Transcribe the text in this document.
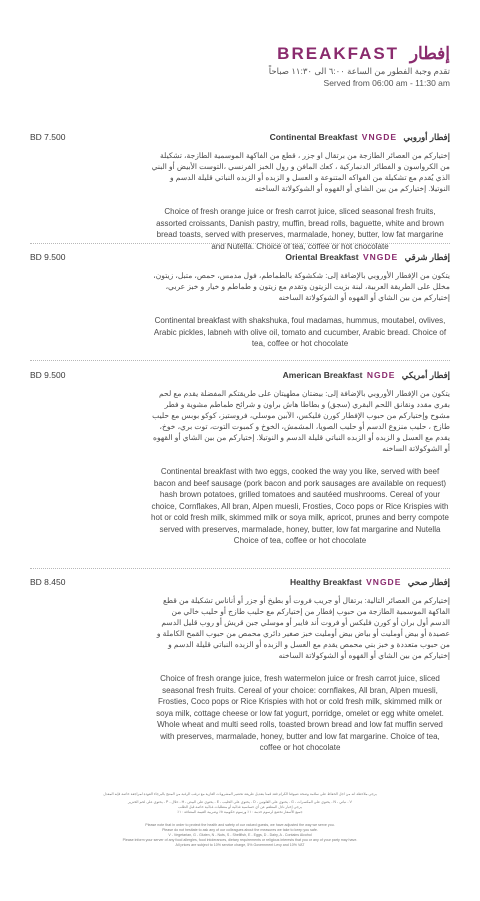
BREAKFAST إفطار
تقدم وجبة الفطور من الساعة ٦:٠٠ الى ١١:٣٠ صباحاً
Served from 06:00 am - 11:30 am
BD 7.500	Continental Breakfast VNGDE إفطار أوروبي
إختياركم من العصائر الطازجة من برتقال او جزر ، قطع من الفاكهة الموسمية الطازجة، تشكيلة من الكرواسون و الفطائر الدنماركية ، كعك المافن و رول الخبز الفرنسي ،التوست الأبيض أو البني الذي يُقدم مع تشكيلة من الفواكه المتنوعة و العسل و الزبده أو الزبده النباتي قليلة الدسم و النوتيلا. إختياركم من بين الشاي أو القهوه أو الشوكولاتة الساخنه
Choice of fresh orange juice or fresh carrot juice, sliced seasonal fresh fruits, assorted croissants, Danish pastry, muffin, bread rolls, baguette, white and brown bread toasts, served with preserves, marmalade, honey, butter, low fat margarine and Nutella. Choice of tea, coffee or hot chocolate
BD 9.500	Oriental Breakfast VNGDE إفطار شرقي
يتكون من الإفطار الأوروبي بالإضافة إلى: شكشوكة بالطماطم، فول مدمس، حمص، متبل، زيتون، مخلل على الطريقة العربية، لبنة بزيت الزيتون وتقدم مع زيتون و طماطم و خيار و خبز عربي، إختياركم من بين الشاي أو القهوه أو الشوكولاتة الساخنه
Continental breakfast with shakshuka, foul madamas, hummus, moutabel, ovlives, Arabic pickles, labneh with olive oil, tomato and cucumber, Arabic bread. Choice of tea, coffee or hot chocolate
BD 9.500	American Breakfast NGDE إفطار أمريكي
يتكون من الإفطار الأوروبي بالإضافة إلى: بيضتان مطهيتان على طريقتكم المفضلة يقدم مع لحم بقري مقدد ونقانق اللحم البقري (سجق) و بطاطا هاش براون و شرائح طماطم مشوية و فطر مشوح وإختياركم من حبوب الإفطار كورن فليكس، الآبين موسلي، فروستيز، كوكو بوبس مع حليب طازج ، حليب منزوع الدسم أو حليب الصويا، المشمش، الخوخ و كمبوت التوت، توت بري، خوخ، يقدم مع العسل و الزبده أو الزبده النباتي قليلة الدسم و النوتيلا. إختياركم من بين الشاي أو القهوه أو الشوكولاتة الساخنه
Continental breakfast with two eggs, cooked the way you like, served with beef bacon and beef sausage (pork bacon and pork sausages are available on request) hash brown potatoes, grilled tomatoes and sautéed mushrooms. Cereal of your choice, Cornflakes, All bran, Alpen muesli, Frosties, Coco pops or Rice Krispies with hot or cold fresh milk, skimmed milk or soya milk, apricot, prunes and berry compote served with preserves, marmalade, honey, butter, low fat margarine and Nutella Choice of tea, coffee or hot chocolate
BD 8.450	Healthy Breakfast VNGDE إفطار صحي
إختياركم من العصائر التالية: برتقال أو جريب فروت أو بطيخ أو جزر أو أناناس تشكيلة من قطع الفاكهة الموسمية الطازجة من حبوب إفطار من إختياركم مع حليب طازج أو حليب خالي من الدسم أول بران أو كورن فليكس أو فروت أند فايبر أو موسلي جبن قريش أو روب قليل الدسم عصيدة أو بيض أومليت أو بياض بيض أومليت خبز صغير دائري محمص من حبوب القمح الكاملة و من حبوب متعددة و خبز بني محمص يقدم مع العسل و الزبده أو الزبده النباتي قليلة الدسم و إختياركم من بين الشاي أو القهوه أو الشوكولاتة الساخنه
Choice of fresh orange juice, fresh watermelon juice or fresh carrot juice, sliced seasonal fresh fruits. Cereal of your choice: cornflakes, All bran, Alpen muesli, Frosties, Coco pops or Rice Krispies with hot or cold fresh milk, skimmed milk or soya milk, cottage cheese or low fat yogurt, porridge, omelet or egg white omelet. Whole wheat and multi seed rolls, toasted brown bread and low fat muffin served with preserves, marmalade, honey, butter and low fat margarine. Choice of tea, coffee or hot chocolate
يرجى ملاحظة انه من اجل الحفاظ على سلامة وصحة ضيوفنا الكرام فقد قمنا بتعديل طريقة تحضير المشروبات الغازية مع ترغب الرغبة من المنتج بالبرجاء العودة لمراجعة خاصة فإنه المعدل
V - نباتي ، N - يحتوي على المكسرات ، G - يحتوي على الغلوتين ، D - يحتوي على الحليب ، E - يحتوي على البيض ، H - حلال ، P - يحتوي على لحم الخنزير
يرجى إخبار نادل المطعم عن أي حساسية غذائية أو متطلبات غذائية خاصة قبل الطلب
جميع الأسعار تخضع لرسوم خدمة ١٠٪ ورسوم حكومية ٥٪ وضريبة القيمة المضافة ١٠٪
Please note that in order to protect the health and safety of our valued guests, we have adjusted the way we serve you.
Please do not hesitate to ask any of our colleagues about the measures we take to keep you safe.
V - Vegetarian, G - Gluten, N - Nuts, S - Shellfish, E - Eggs, D - Dairy, A - Contains Alcohol
Please inform your server of any food allergies, food intolerances, dietary requirements or religious interests that you or any of your party may have.
All prices are subject to 10% service charge, 5% Government Levy and 10% VAT
